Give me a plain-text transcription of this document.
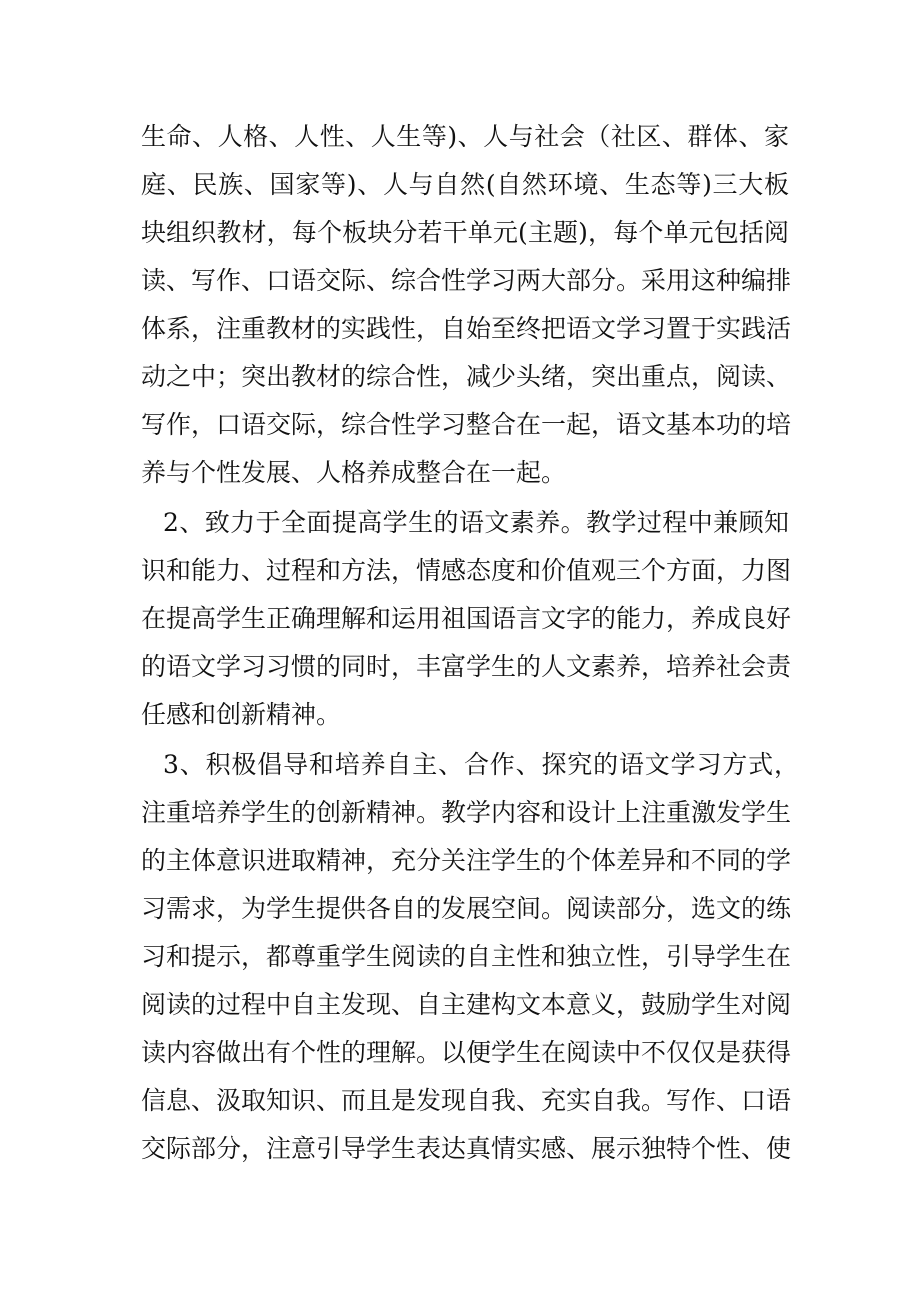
生命、人格、人性、人生等)、人与社会（社区、群体、家
庭、民族、国家等)、人与自然(自然环境、生态等)三大板
块组织教材，每个板块分若干单元(主题)，每个单元包括阅
读、写作、口语交际、综合性学习两大部分。采用这种编排
体系，注重教材的实践性，自始至终把语文学习置于实践活
动之中；突出教材的综合性，减少头绪，突出重点，阅读、
写作，口语交际，综合性学习整合在一起，语文基本功的培
养与个性发展、人格养成整合在一起。
2、致力于全面提高学生的语文素养。教学过程中兼顾知
识和能力、过程和方法，情感态度和价值观三个方面，力图
在提高学生正确理解和运用祖国语言文字的能力，养成良好
的语文学习习惯的同时，丰富学生的人文素养，培养社会责
任感和创新精神。
3、积极倡导和培养自主、合作、探究的语文学习方式，
注重培养学生的创新精神。教学内容和设计上注重激发学生
的主体意识进取精神，充分关注学生的个体差异和不同的学
习需求，为学生提供各自的发展空间。阅读部分，选文的练
习和提示，都尊重学生阅读的自主性和独立性，引导学生在
阅读的过程中自主发现、自主建构文本意义，鼓励学生对阅
读内容做出有个性的理解。以便学生在阅读中不仅仅是获得
信息、汲取知识、而且是发现自我、充实自我。写作、口语
交际部分，注意引导学生表达真情实感、展示独特个性、使
